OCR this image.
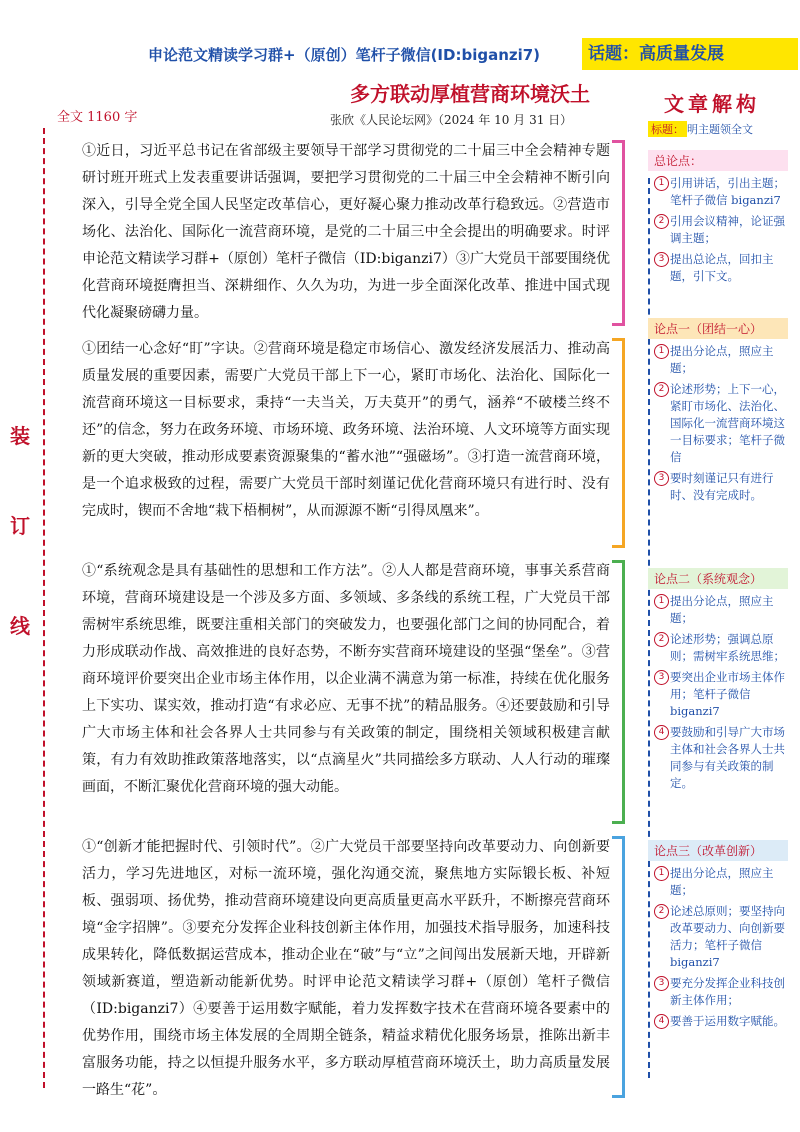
申论范文精读学习群+（原创）笔杆子微信(ID:biganzi7)	话题：高质量发展
多方联动厚植营商环境沃土
张欣《人民论坛网》（2024 年 10 月 31 日）
全文 1160 字
装
订
线

①近日，习近平总书记在省部级主要领导干部学习贯彻党的二十届三中全会精神专题研讨班开班式上发表重要讲话强调，要把学习贯彻党的二十届三中全会精神不断引向深入，引导全党全国人民坚定改革信心，更好凝心聚力推动改革行稳致远。②营造市场化、法治化、国际化一流营商环境，是党的二十届三中全会提出的明确要求。时评申论范文精读学习群+（原创）笔杆子微信（ID:biganzi7）③广大党员干部要围绕优化营商环境挺膺担当、深耕细作、久久为功，为进一步全面深化改革、推进中国式现代化凝聚磅礴力量。

①团结一心念好“盯”字诀。②营商环境是稳定市场信心、激发经济发展活力、推动高质量发展的重要因素，需要广大党员干部上下一心，紧盯市场化、法治化、国际化一流营商环境这一目标要求，秉持“一夫当关，万夫莫开”的勇气，涵养“不破楼兰终不还”的信念，努力在政务环境、市场环境、政务环境、法治环境、人文环境等方面实现新的更大突破，推动形成要素资源聚集的“蓄水池”“强磁场”。③打造一流营商环境，是一个追求极致的过程，需要广大党员干部时刻谨记优化营商环境只有进行时、没有完成时，锲而不舍地“栽下梧桐树”，从而源源不断“引得凤凰来”。

①“系统观念是具有基础性的思想和工作方法”。②人人都是营商环境，事事关系营商环境，营商环境建设是一个涉及多方面、多领域、多条线的系统工程，广大党员干部需树牢系统思维，既要注重相关部门的突破发力，也要强化部门之间的协同配合，着力形成联动作战、高效推进的良好态势，不断夯实营商环境建设的坚强“堡垒”。③营商环境评价要突出企业市场主体作用，以企业满不满意为第一标准，持续在优化服务上下实功、谋实效，推动打造“有求必应、无事不扰”的精品服务。④还要鼓励和引导广大市场主体和社会各界人士共同参与有关政策的制定，围绕相关领域积极建言献策，有力有效助推政策落地落实，以“点滴星火”共同描绘多方联动、人人行动的璀璨画面，不断汇聚优化营商环境的强大动能。

①“创新才能把握时代、引领时代”。②广大党员干部要坚持向改革要动力、向创新要活力，学习先进地区，对标一流环境，强化沟通交流，聚焦地方实际锻长板、补短板、强弱项、扬优势，推动营商环境建设向更高质量更高水平跃升，不断擦亮营商环境“金字招牌”。③要充分发挥企业科技创新主体作用，加强技术指导服务，加速科技成果转化，降低数据运营成本，推动企业在“破”与“立”之间闯出发展新天地，开辟新领域新赛道，塑造新动能新优势。时评申论范文精读学习群+（原创）笔杆子微信（ID:biganzi7）④要善于运用数字赋能，着力发挥数字技术在营商环境各要素中的优势作用，围绕市场主体发展的全周期全链条，精益求精优化服务场景，推陈出新丰富服务功能，持之以恒提升服务水平，多方联动厚植营商环境沃土，助力高质量发展一路生“花”。

文章解构
标题： 明主题领全文
总论点：
1 引用讲话，引出主题；笔杆子微信 biganzi7
2 引用会议精神，论证强调主题；
3 提出总论点，回扣主题，引下文。
论点一（团结一心）
1 提出分论点，照应主题；
2 论述形势；上下一心，紧盯市场化、法治化、国际化一流营商环境这一目标要求；笔杆子微信
3 要时刻谨记只有进行时、没有完成时。
论点二（系统观念）
1 提出分论点，照应主题；
2 论述形势；强调总原则；需树牢系统思维；
3 要突出企业市场主体作用；笔杆子微信 biganzi7
4 要鼓励和引导广大市场主体和社会各界人士共同参与有关政策的制定。
论点三（改革创新）
1 提出分论点，照应主题；
2 论述总原则；要坚持向改革要动力、向创新要活力；笔杆子微信 biganzi7
3 要充分发挥企业科技创新主体作用；
4 要善于运用数字赋能。
